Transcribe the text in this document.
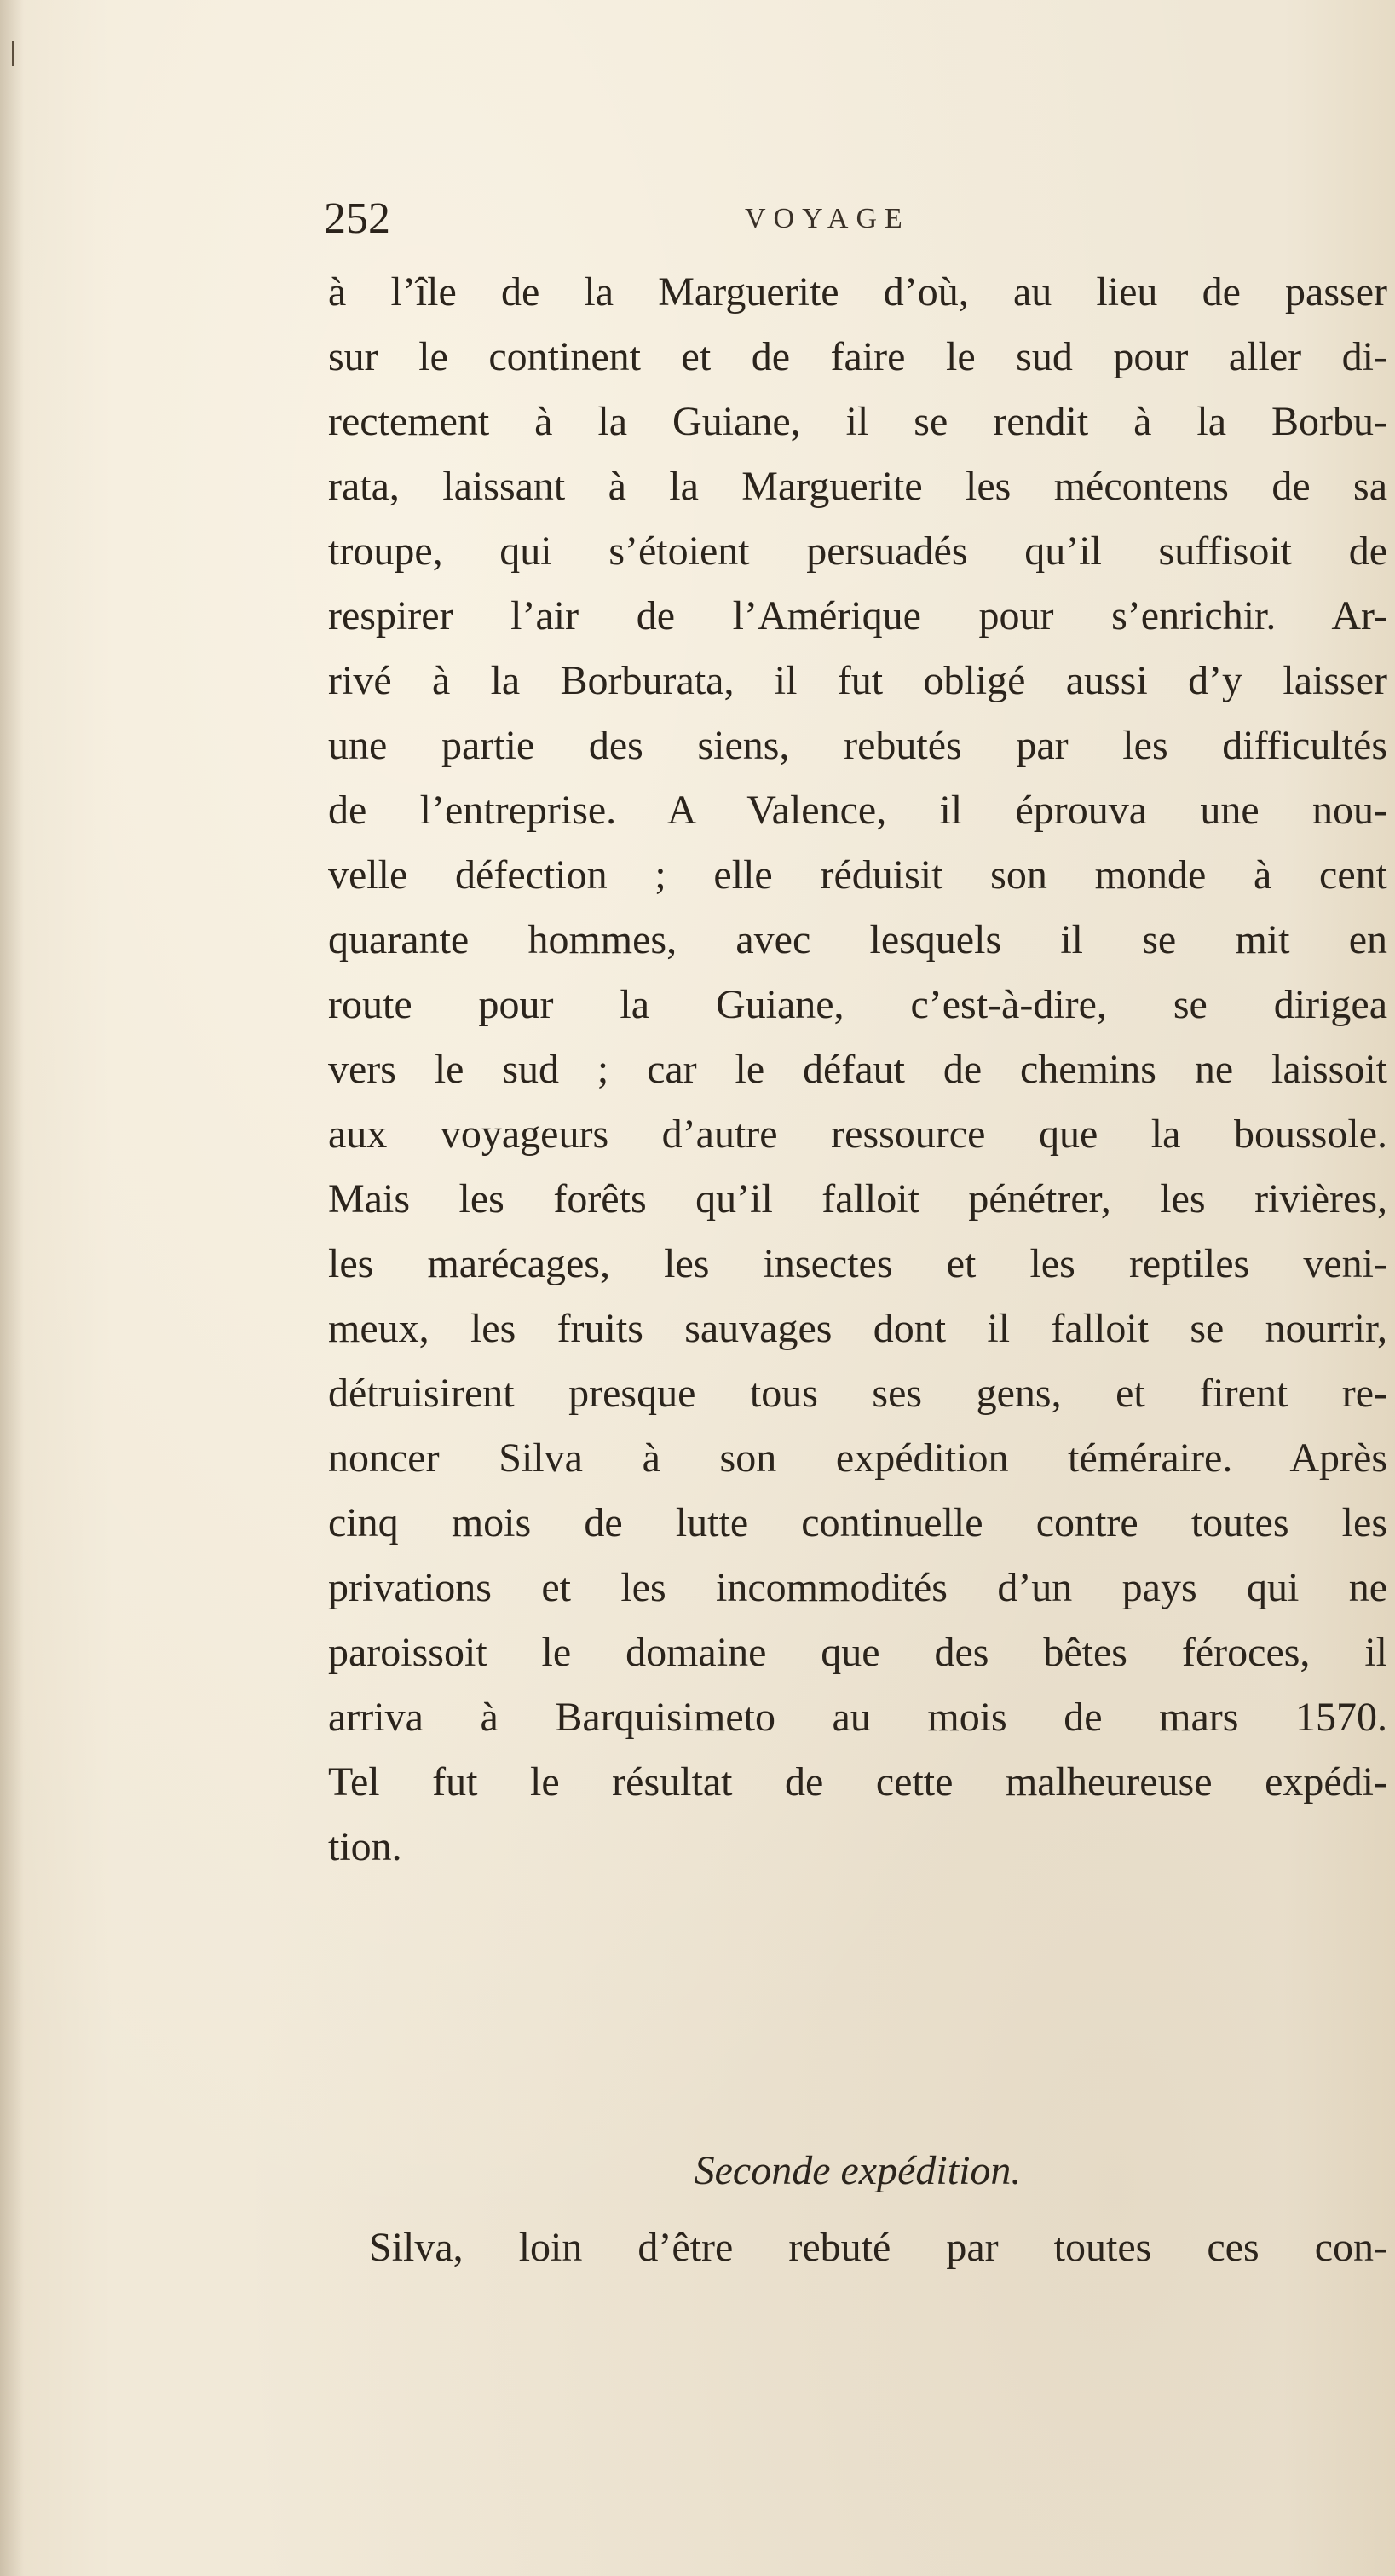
252	VOYAGE
à l’île de la Marguerite d’où, au lieu de passer
sur le continent et de faire le sud pour aller di-
rectement à la Guiane, il se rendit à la Borbu-
rata, laissant à la Marguerite les mécontens de sa
troupe, qui s’étoient persuadés qu’il suffisoit de
respirer l’air de l’Amérique pour s’enrichir. Ar-
rivé à la Borburata, il fut obligé aussi d’y laisser
une partie des siens, rebutés par les difficultés
de l’entreprise. A Valence, il éprouva une nou-
velle défection ; elle réduisit son monde à cent
quarante hommes, avec lesquels il se mit en
route pour la Guiane, c’est-à-dire, se dirigea
vers le sud ; car le défaut de chemins ne laissoit
aux voyageurs d’autre ressource que la boussole.
Mais les forêts qu’il falloit pénétrer, les rivières,
les marécages, les insectes et les reptiles veni-
meux, les fruits sauvages dont il falloit se nourrir,
détruisirent presque tous ses gens, et firent re-
noncer Silva à son expédition téméraire. Après
cinq mois de lutte continuelle contre toutes les
privations et les incommodités d’un pays qui ne
paroissoit le domaine que des bêtes féroces, il
arriva à Barquisimeto au mois de mars 1570.
Tel fut le résultat de cette malheureuse expédi-
tion.
Seconde expédition.
Silva, loin d’être rebuté par toutes ces con-
